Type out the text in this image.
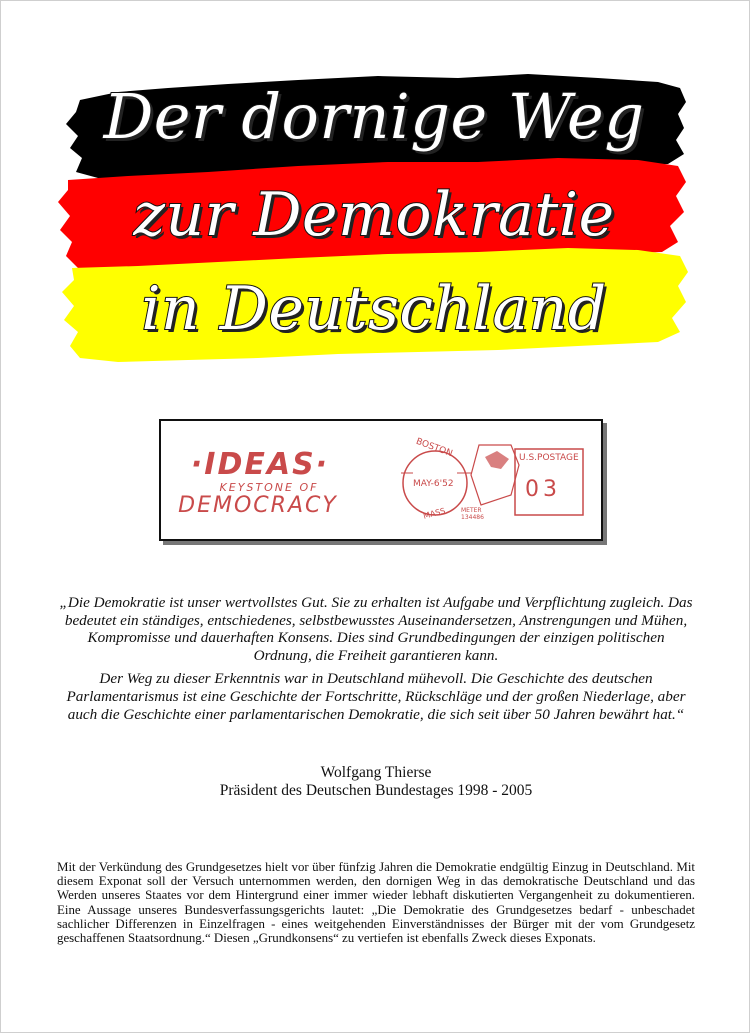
Der dornige Weg
zur Demokratie
in Deutschland
·IDEAS·
KEYSTONE OF
DEMOCRACY
BOSTON
MAY-6'52
MASS METER
134486
U.S.POSTAGE
03

„Die Demokratie ist unser wertvollstes Gut. Sie zu erhalten ist Aufgabe und Verpflichtung zugleich. Das bedeutet ein ständiges, entschiedenes, selbstbewusstes Auseinandersetzen, Anstrengungen und Mühen, Kompromisse und dauerhaften Konsens. Dies sind Grundbedingungen der einzigen politischen Ordnung, die Freiheit garantieren kann.

Der Weg zu dieser Erkenntnis war in Deutschland mühevoll. Die Geschichte des deutschen Parlamentarismus ist eine Geschichte der Fortschritte, Rückschläge und der großen Niederlage, aber auch die Geschichte einer parlamentarischen Demokratie, die sich seit über 50 Jahren bewährt hat.“

Wolfgang Thierse
Präsident des Deutschen Bundestages 1998 - 2005
Mit der Verkündung des Grundgesetzes hielt vor über fünfzig Jahren die Demokratie endgültig Einzug in Deutschland. Mit diesem Exponat soll der Versuch unternommen werden, den dornigen Weg in das demokratische Deutschland und das Werden unseres Staates vor dem Hintergrund einer immer wieder lebhaft diskutierten Vergangenheit zu dokumentieren. Eine Aussage unseres Bundesverfassungsgerichts lautet: „Die Demokratie des Grundgesetzes bedarf - unbeschadet sachlicher Differenzen in Einzelfragen - eines weitgehenden Einverständnisses der Bürger mit der vom Grundgesetz geschaffenen Staatsordnung.“ Diesen „Grundkonsens“ zu vertiefen ist ebenfalls Zweck dieses Exponats.
